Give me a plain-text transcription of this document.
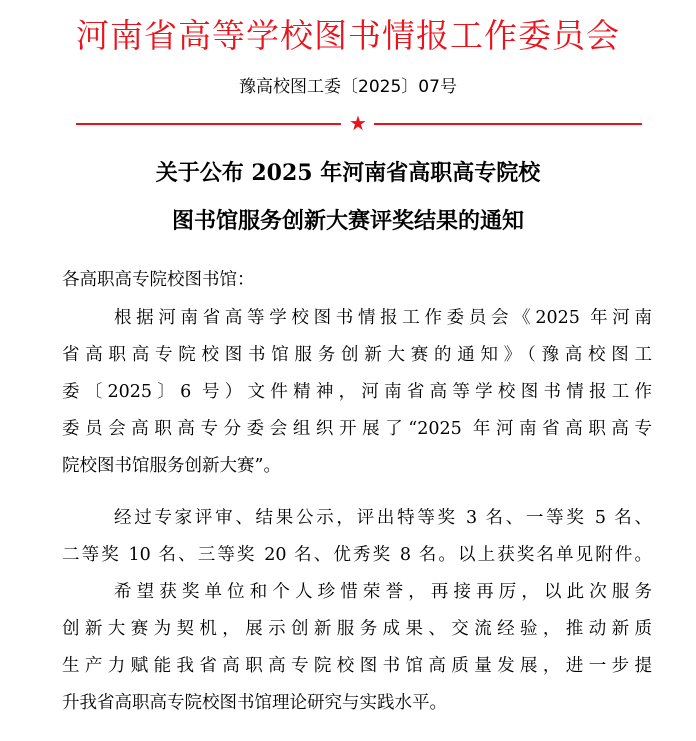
河南省高等学校图书情报工作委员会
豫高校图工委〔2025〕07号
★
关于公布 2025 年河南省高职高专院校
图书馆服务创新大赛评奖结果的通知
各高职高专院校图书馆：
根据河南省高等学校图书情报工作委员会《2025 年河南
省高职高专院校图书馆服务创新大赛的通知》（豫高校图工
委〔2025〕6 号）文件精神，河南省高等学校图书情报工作
委员会高职高专分委会组织开展了“2025 年河南省高职高专
院校图书馆服务创新大赛”。
经过专家评审、结果公示，评出特等奖 3 名、一等奖 5 名、
二等奖 10 名、三等奖 20 名、优秀奖 8 名。以上获奖名单见附件。
希望获奖单位和个人珍惜荣誉，再接再厉，以此次服务
创新大赛为契机，展示创新服务成果、交流经验，推动新质
生产力赋能我省高职高专院校图书馆高质量发展，进一步提
升我省高职高专院校图书馆理论研究与实践水平。
